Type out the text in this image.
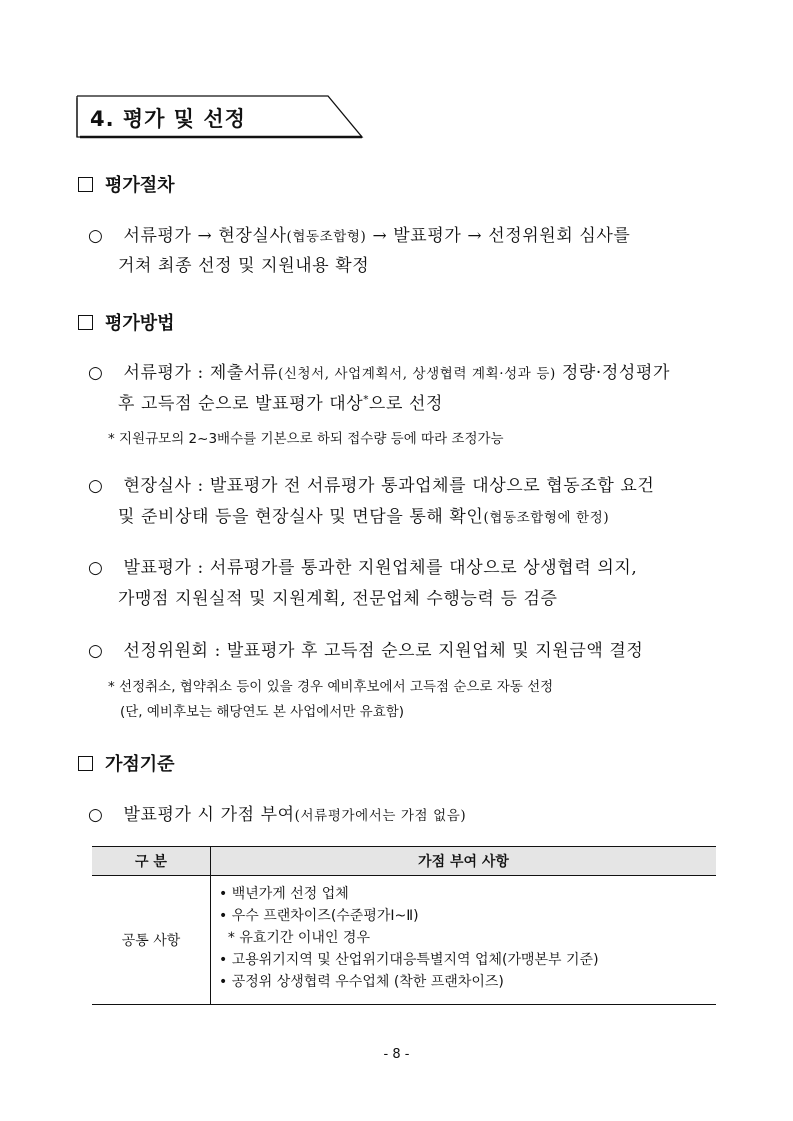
4. 평가 및 선정
평가절차
○ 서류평가 → 현장실사(협동조합형) → 발표평가 → 선정위원회 심사를
거쳐 최종 선정 및 지원내용 확정
평가방법
○ 서류평가 : 제출서류(신청서, 사업계획서, 상생협력 계획·성과 등) 정량·정성평가
후 고득점 순으로 발표평가 대상*으로 선정
* 지원규모의 2~3배수를 기본으로 하되 접수량 등에 따라 조정가능
○ 현장실사 : 발표평가 전 서류평가 통과업체를 대상으로 협동조합 요건
및 준비상태 등을 현장실사 및 면담을 통해 확인(협동조합형에 한정)
○ 발표평가 : 서류평가를 통과한 지원업체를 대상으로 상생협력 의지,
가맹점 지원실적 및 지원계획, 전문업체 수행능력 등 검증
○ 선정위원회 : 발표평가 후 고득점 순으로 지원업체 및 지원금액 결정
* 선정취소, 협약취소 등이 있을 경우 예비후보에서 고득점 순으로 자동 선정
(단, 예비후보는 해당연도 본 사업에서만 유효함)
가점기준
○ 발표평가 시 가점 부여(서류평가에서는 가점 없음)
구 분	가점 부여 사항
공통 사항	• 백년가게 선정 업체
• 우수 프랜차이즈(수준평가Ⅰ~Ⅱ)
* 유효기간 이내인 경우
• 고용위기지역 및 산업위기대응특별지역 업체(가맹본부 기준)
• 공정위 상생협력 우수업체 (착한 프랜차이즈)
- 8 -
